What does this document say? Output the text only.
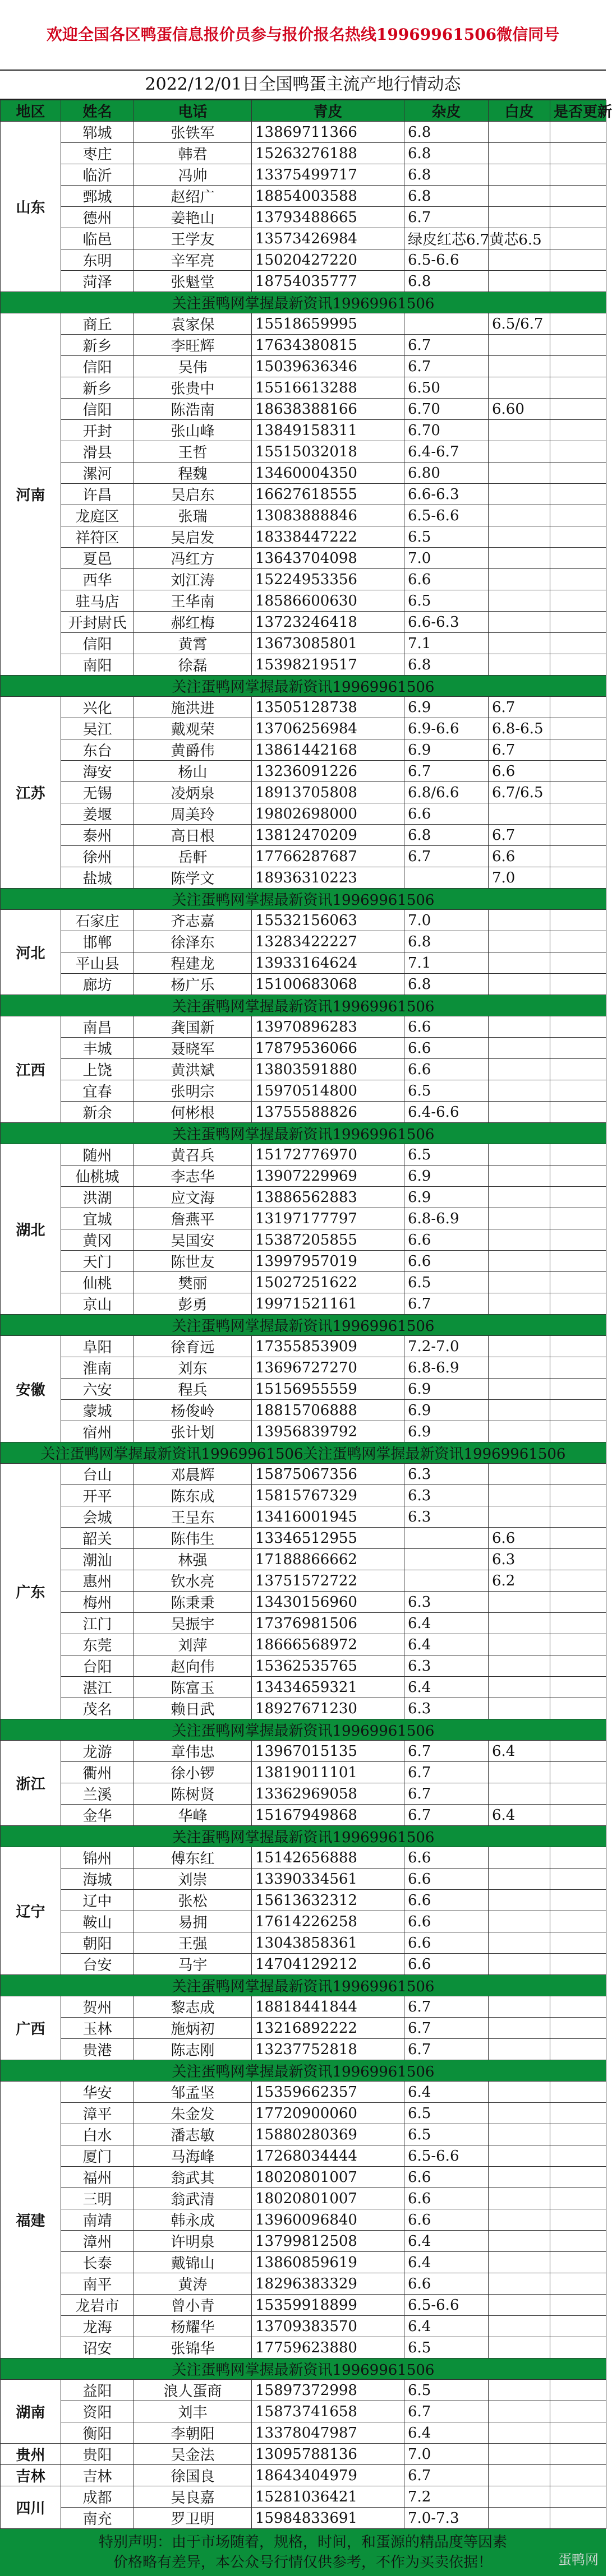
欢迎全国各区鸭蛋信息报价员参与报价报名热线19969961506微信同号
2022/12/01日全国鸭蛋主流产地行情动态
地区	姓名	电话	青皮	杂皮	白皮	是否更新	
山东	郓城	张铁军	13869711366	6.8			
	枣庄	韩君	15263276188	6.8			
	临沂	冯帅	13375499717	6.8			
	鄄城	赵绍广	18854003588	6.8			
	德州	姜艳山	13793488665	6.7			
	临邑	王学友	13573426984	绿皮红芯6.7黄芯6.5			
	东明	辛军亮	15020427220	6.5-6.6			
	菏泽	张魁堂	18754035777	6.8			
关注蛋鸭网掌握最新资讯19969961506							
河南	商丘	袁家保	15518659995		6.5/6.7		
	新乡	李旺辉	17634380815	6.7			
	信阳	吴伟	15039636346	6.7			
	新乡	张贵中	15516613288	6.50			
	信阳	陈浩南	18638388166	6.70	6.60		
	开封	张山峰	13849158311	6.70			
	滑县	王哲	15515032018	6.4-6.7			
	漯河	程魏	13460004350	6.80			
	许昌	吴启东	16627618555	6.6-6.3			
	龙庭区	张瑞	13083888846	6.5-6.6			
	祥符区	吴启发	18338447222	6.5			
	夏邑	冯红方	13643704098	7.0			
	西华	刘江涛	15224953356	6.6			
	驻马店	王华南	18586600630	6.5			
	开封尉氏	郝红梅	13723246418	6.6-6.3			
	信阳	黄霄	13673085801	7.1			
	南阳	徐磊	15398219517	6.8			
关注蛋鸭网掌握最新资讯19969961506							
江苏	兴化	施洪进	13505128738	6.9	6.7		
	吴江	戴观荣	13706256984	6.9-6.6	6.8-6.5		
	东台	黄爵伟	13861442168	6.9	6.7		
	海安	杨山	13236091226	6.7	6.6		
	无锡	凌炳泉	18913705808	6.8/6.6	6.7/6.5		
	姜堰	周美玲	19802698000	6.6			
	泰州	高日根	13812470209	6.8	6.7		
	徐州	岳軒	17766287687	6.7	6.6		
	盐城	陈学文	18936310223		7.0		
关注蛋鸭网掌握最新资讯19969961506							
河北	石家庄	齐志嘉	15532156063	7.0			
	邯郸	徐泽东	13283422227	6.8			
	平山县	程建龙	13933164624	7.1			
	廊坊	杨广乐	15100683068	6.8			
关注蛋鸭网掌握最新资讯19969961506							
江西	南昌	龚国新	13970896283	6.6			
	丰城	聂晓军	17879536066	6.6			
	上饶	黄洪斌	13803591880	6.6			
	宜春	张明宗	15970514800	6.5			
	新余	何彬根	13755588826	6.4-6.6			
关注蛋鸭网掌握最新资讯19969961506							
湖北	随州	黄召兵	15172776970	6.5			
	仙桃城	李志华	13907229969	6.9			
	洪湖	应文海	13886562883	6.9			
	宜城	詹燕平	13197177797	6.8-6.9			
	黄冈	吴国安	15387205855	6.6			
	天门	陈世友	13997957019	6.6			
	仙桃	樊丽	15027251622	6.5			
	京山	彭勇	19971521161	6.7			
关注蛋鸭网掌握最新资讯19969961506							
安徽	阜阳	徐育远	17355853909	7.2-7.0			
	淮南	刘东	13696727270	6.8-6.9			
	六安	程兵	15156955559	6.9			
	蒙城	杨俊岭	18815706888	6.9			
	宿州	张计划	13956839792	6.9			
关注蛋鸭网掌握最新资讯19969961506关注蛋鸭网掌握最新资讯19969961506							
广东	台山	邓晨辉	15875067356	6.3			
	开平	陈东成	15815767329	6.3			
	会城	王呈东	13416001945	6.3			
	韶关	陈伟生	13346512955		6.6		
	潮汕	林强	17188866662		6.3		
	惠州	钦水亮	13751572722		6.2		
	梅州	陈秉秉	13430156960	6.3			
	江门	吴振宇	17376981506	6.4			
	东莞	刘萍	18666568972	6.4			
	台阳	赵向伟	15362535765	6.3			
	湛江	陈富玉	13434659321	6.4			
	茂名	赖日武	18927671230	6.3			
关注蛋鸭网掌握最新资讯19969961506							
浙江	龙游	章伟忠	13967015135	6.7	6.4		
	衢州	徐小锣	13819011101	6.7			
	兰溪	陈树贤	13362969058	6.7			
	金华	华峰	15167949868	6.7	6.4		
关注蛋鸭网掌握最新资讯19969961506							
辽宁	锦州	傅东红	15142656888	6.6			
	海城	刘崇	13390334561	6.6			
	辽中	张松	15613632312	6.6			
	鞍山	易拥	17614226258	6.6			
	朝阳	王强	13043858361	6.6			
	台安	马宇	14704129212	6.6			
关注蛋鸭网掌握最新资讯19969961506							
广西	贺州	黎志成	18818441844	6.7			
	玉林	施炳初	13216892222	6.7			
	贵港	陈志刚	13237752818	6.7			
关注蛋鸭网掌握最新资讯19969961506							
福建	华安	邹孟坚	15359662357	6.4			
	漳平	朱金发	17720900060	6.5			
	白水	潘志敏	15880280369	6.5			
	厦门	马海峰	17268034444	6.5-6.6			
	福州	翁武其	18020801007	6.6			
	三明	翁武清	18020801007	6.6			
	南靖	韩永成	13960096840	6.6			
	漳州	许明泉	13799812508	6.4			
	长泰	戴锦山	13860859619	6.4			
	南平	黄涛	18296383329	6.6			
	龙岩市	曾小青	15359918899	6.5-6.6			
	龙海	杨耀华	13709383570	6.4			
	诏安	张锦华	17759623880	6.5			
关注蛋鸭网掌握最新资讯19969961506							
湖南	益阳	浪人蛋商	15897372998	6.5			
	资阳	刘丰	15873741658	6.7			
	衡阳	李朝阳	13378047987	6.4			
贵州	贵阳	吴金法	13095788136	7.0			
吉林	吉林	徐国良	18643404979	6.7			
四川	成都	吴良嘉	15281036421	7.2			
	南充	罗卫明	15984833691	7.0-7.3			
特别声明：由于市场随着，规格，时间，和蛋源的精品度等因素
价格略有差异，本公众号行情仅供参考，不作为买卖依据！	蛋鸭网
